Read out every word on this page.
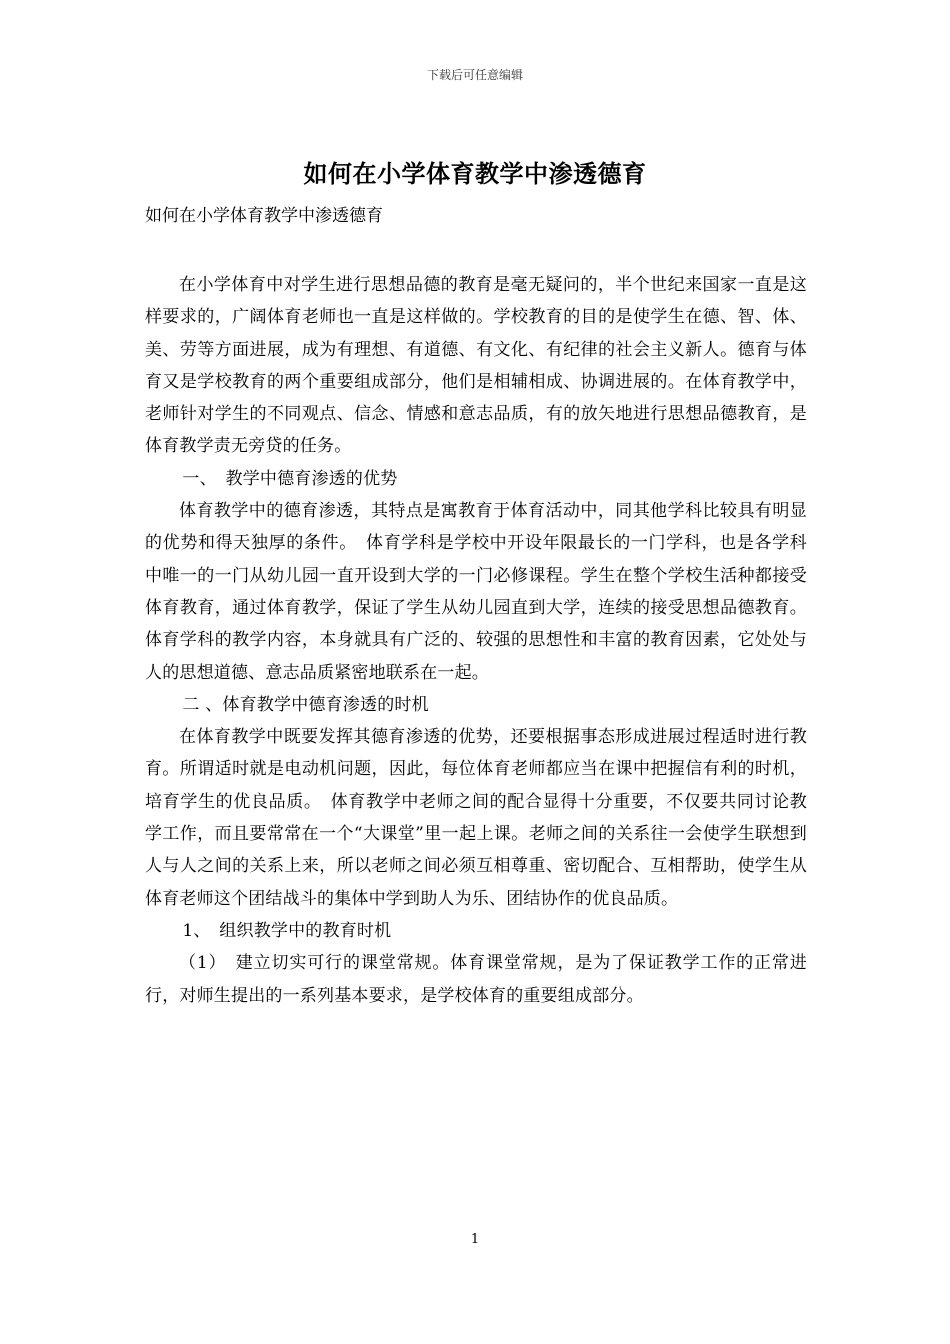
下载后可任意编辑
如何在小学体育教学中渗透德育
如何在小学体育教学中渗透德育

在小学体育中对学生进行思想品德的教育是毫无疑问的，半个世纪来国家一直是这样要求的，广阔体育老师也一直是这样做的。学校教育的目的是使学生在德、智、体、美、劳等方面进展，成为有理想、有道德、有文化、有纪律的社会主义新人。德育与体育又是学校教育的两个重要组成部分，他们是相辅相成、协调进展的。在体育教学中，老师针对学生的不同观点、信念、情感和意志品质，有的放矢地进行思想品德教育，是体育教学责无旁贷的任务。

一、　教学中德育渗透的优势

体育教学中的德育渗透，其特点是寓教育于体育活动中，同其他学科比较具有明显的优势和得天独厚的条件。　体育学科是学校中开设年限最长的一门学科，也是各学科中唯一的一门从幼儿园一直开设到大学的一门必修课程。学生在整个学校生活种都接受体育教育，通过体育教学，保证了学生从幼儿园直到大学，连续的接受思想品德教育。体育学科的教学内容，本身就具有广泛的、较强的思想性和丰富的教育因素，它处处与人的思想道德、意志品质紧密地联系在一起。

二 、体育教学中德育渗透的时机

在体育教学中既要发挥其德育渗透的优势，还要根据事态形成进展过程适时进行教育。所谓适时就是电动机问题，因此，每位体育老师都应当在课中把握信有利的时机，培育学生的优良品质。　体育教学中老师之间的配合显得十分重要，不仅要共同讨论教学工作，而且要常常在一个“大课堂”里一起上课。老师之间的关系往一会使学生联想到人与人之间的关系上来，所以老师之间必须互相尊重、密切配合、互相帮助，使学生从体育老师这个团结战斗的集体中学到助人为乐、团结协作的优良品质。

1、　组织教学中的教育时机

（1）　建立切实可行的课堂常规。体育课堂常规，是为了保证教学工作的正常进行，对师生提出的一系列基本要求，是学校体育的重要组成部分。

1
